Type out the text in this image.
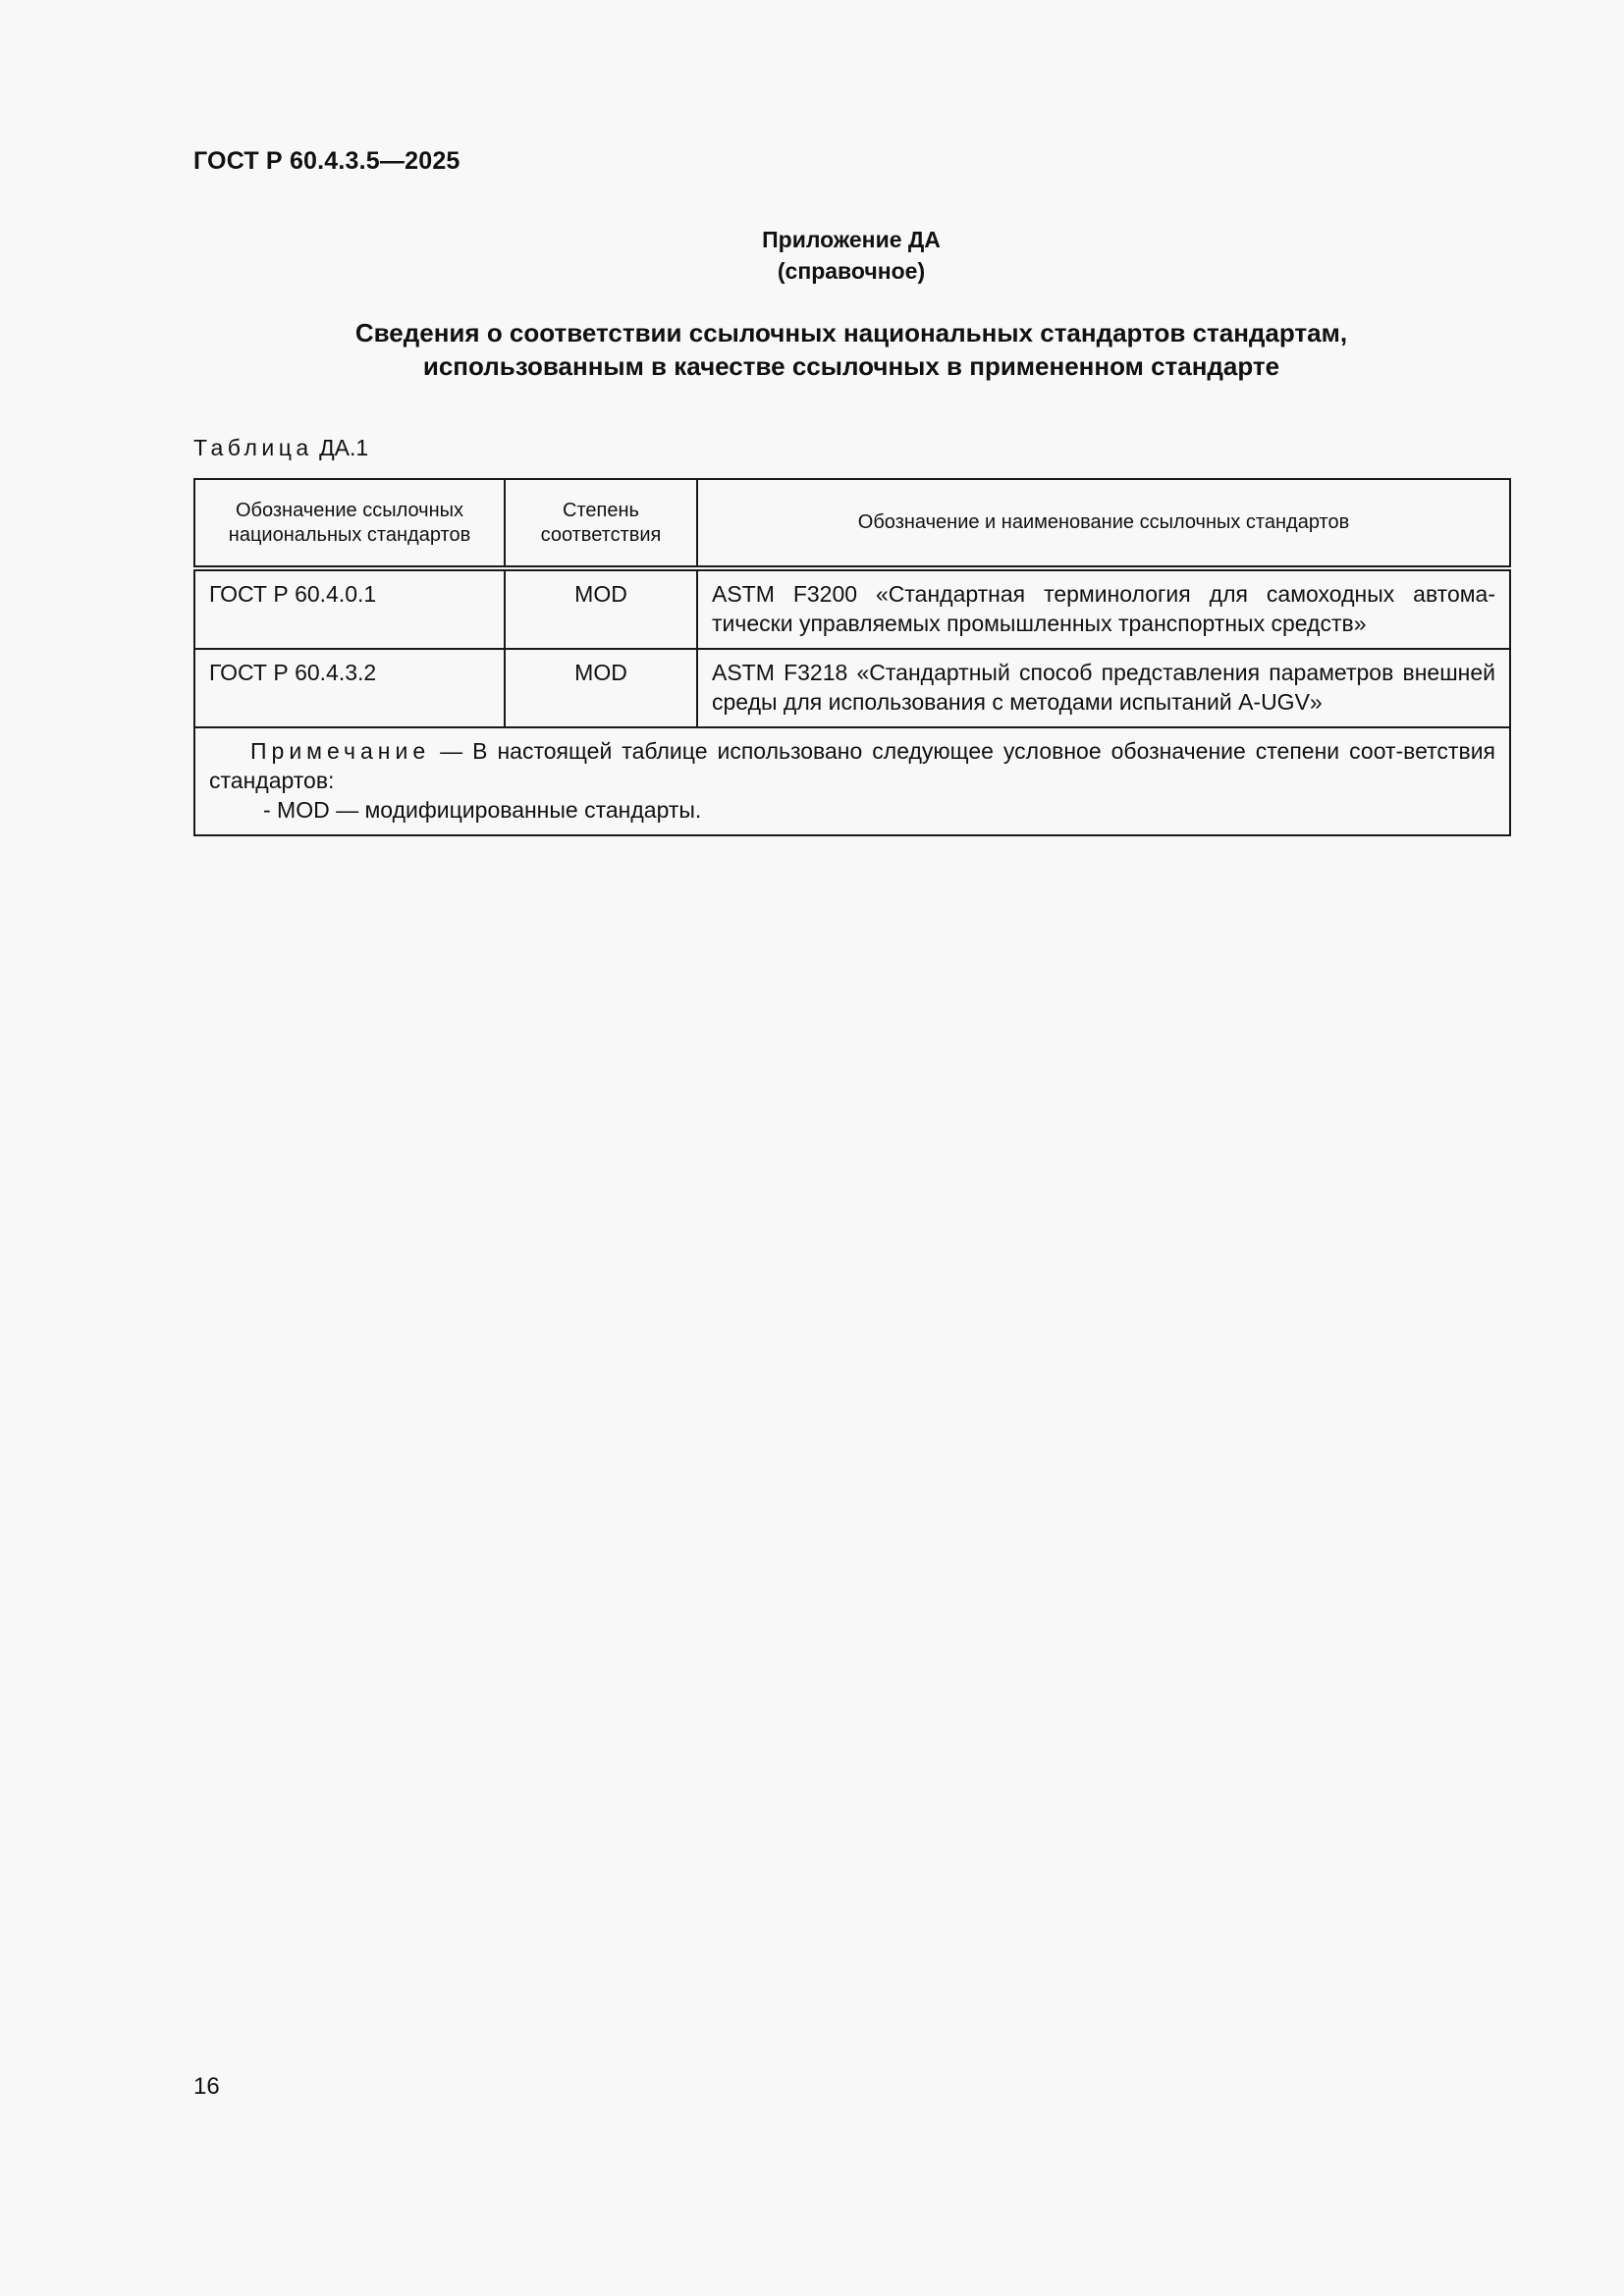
ГОСТ Р 60.4.3.5—2025
Приложение ДА
(справочное)
Сведения о соответствии ссылочных национальных стандартов стандартам,
использованным в качестве ссылочных в примененном стандарте
Таблица ДА.1
Обозначение ссылочных национальных стандартов	Степень соответствия	Обозначение и наименование ссылочных стандартов
ГОСТ Р 60.4.0.1	MOD	ASTM F3200 «Стандартная терминология для самоходных автома-тически управляемых промышленных транспортных средств»
ГОСТ Р 60.4.3.2	MOD	ASTM F3218 «Стандартный способ представления параметров внешней среды для использования с методами испытаний A-UGV»

Примечание — В настоящей таблице использовано следующее условное обозначение степени соот-ветствия стандартов:

- MOD — модифицированные стандарты.		

16
